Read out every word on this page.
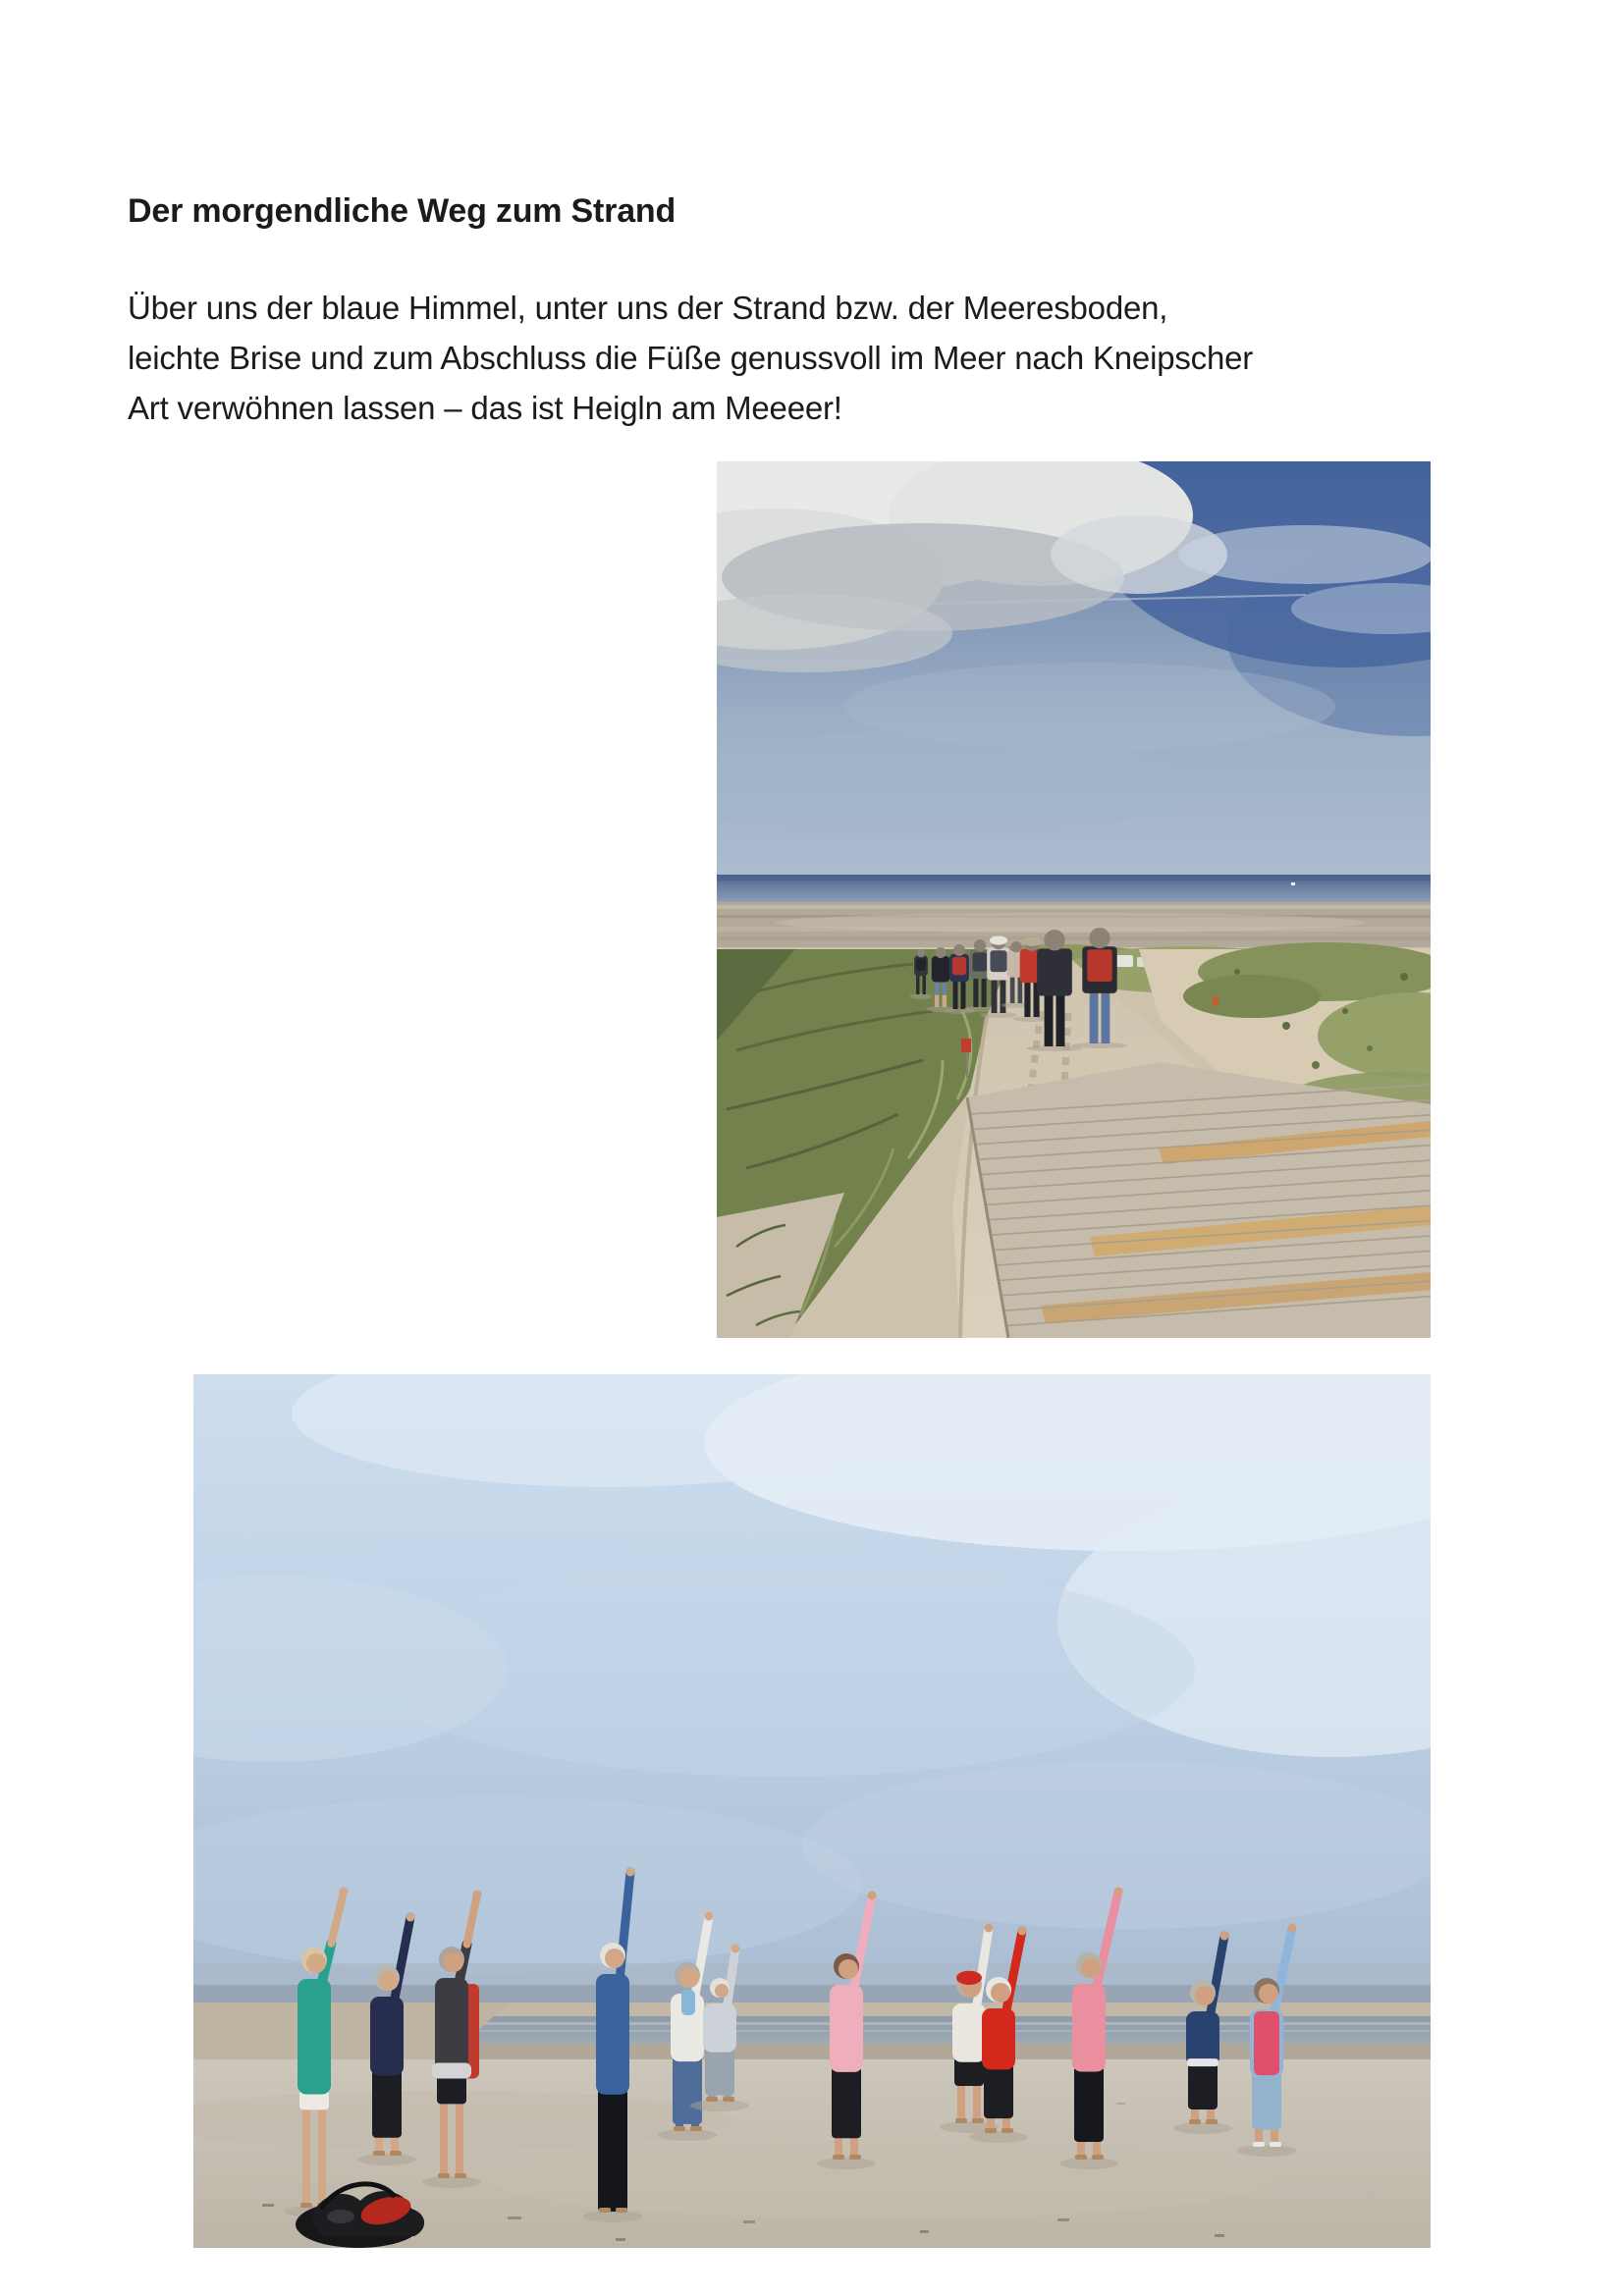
Der morgendliche Weg zum Strand
Über uns der blaue Himmel, unter uns der Strand bzw. der Meeresboden,
leichte Brise und zum Abschluss die Füße genussvoll im Meer nach Kneipscher
Art verwöhnen lassen – das ist Heigln am Meeeer!
